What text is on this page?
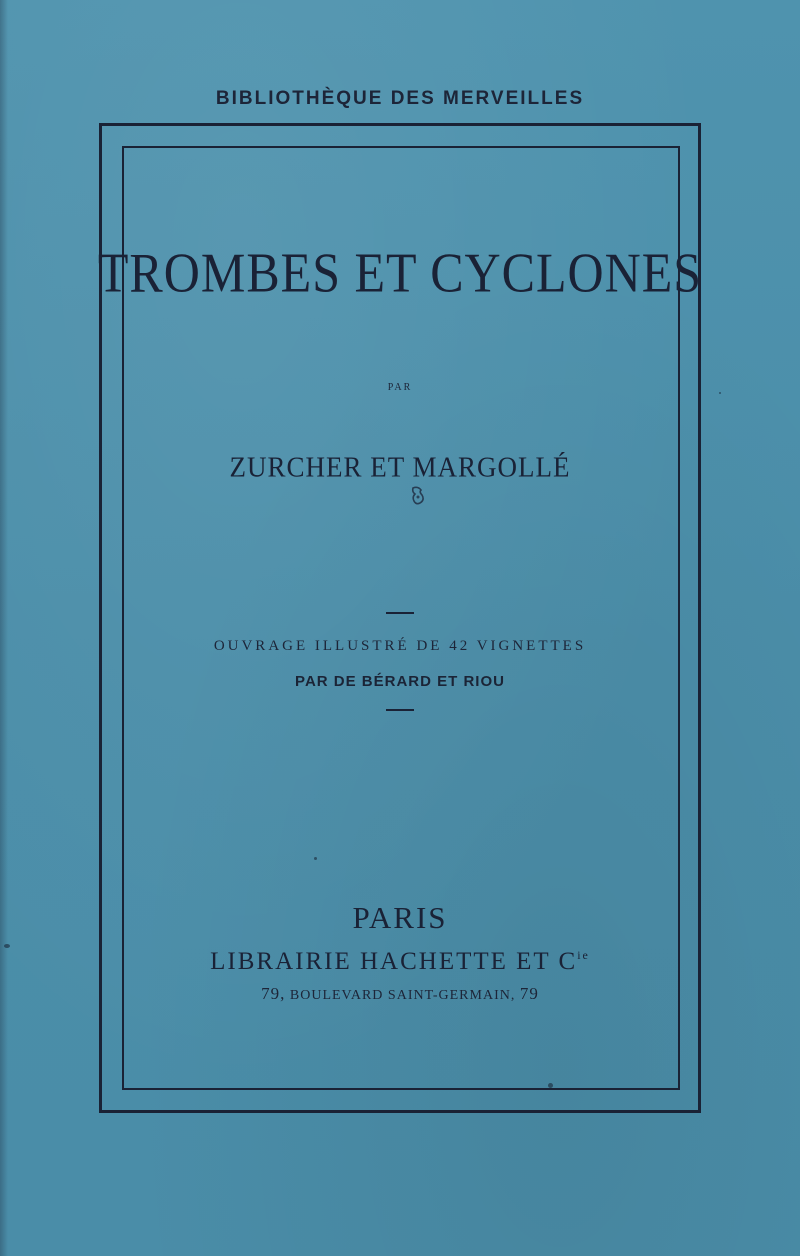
BIBLIOTHÈQUE DES MERVEILLES
TROMBES ET CYCLONES
PAR
ZURCHER ET MARGOLLÉ
OUVRAGE ILLUSTRÉ DE 42 VIGNETTES
PAR DE BÉRARD ET RIOU
PARIS
LIBRAIRIE HACHETTE ET $C^{ie}$
79, BOULEVARD SAINT-GERMAIN, 79
